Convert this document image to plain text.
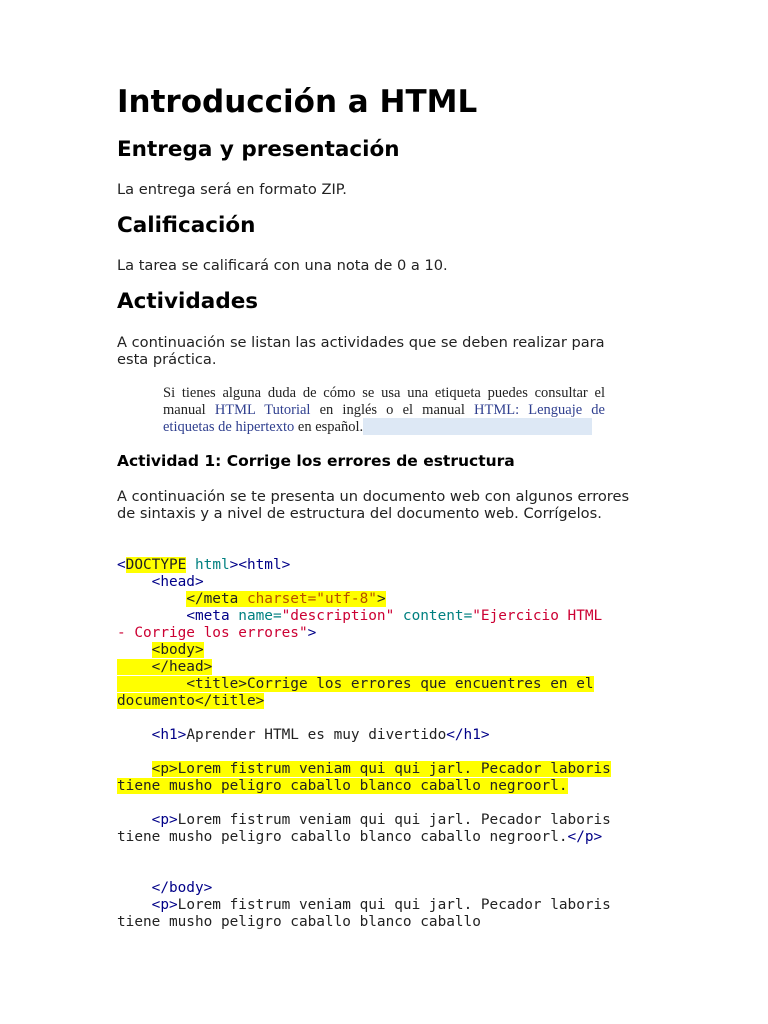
Introducción a HTML
Entrega y presentación

La entrega será en formato ZIP.

Calificación

La tarea se calificará con una nota de 0 a 10.

Actividades

A continuación se listan las actividades que se deben realizar para esta práctica.

Si tienes alguna duda de cómo se usa una etiqueta puedes consultar el manual HTML Tutorial en inglés o el manual HTML: Lenguaje de etiquetas de hipertexto en español.
Actividad 1: Corrige los errores de estructura

A continuación se te presenta un documento web con algunos errores de sintaxis y a nivel de estructura del documento web. Corrígelos.

<DOCTYPE html><html>
<head>
</meta charset="utf-8">
<meta name="description" content="Ejercicio HTML
- Corrige los errores">
<body>
</head>
<title>Corrige los errores que encuentres en el
documento</title>

<h1>Aprender HTML es muy divertido</h1>

<p>Lorem fistrum veniam qui qui jarl. Pecador laboris
tiene musho peligro caballo blanco caballo negroorl.

<p>Lorem fistrum veniam qui qui jarl. Pecador laboris
tiene musho peligro caballo blanco caballo negroorl.</p>

</body>
<p>Lorem fistrum veniam qui qui jarl. Pecador laboris
tiene musho peligro caballo blanco caballo
